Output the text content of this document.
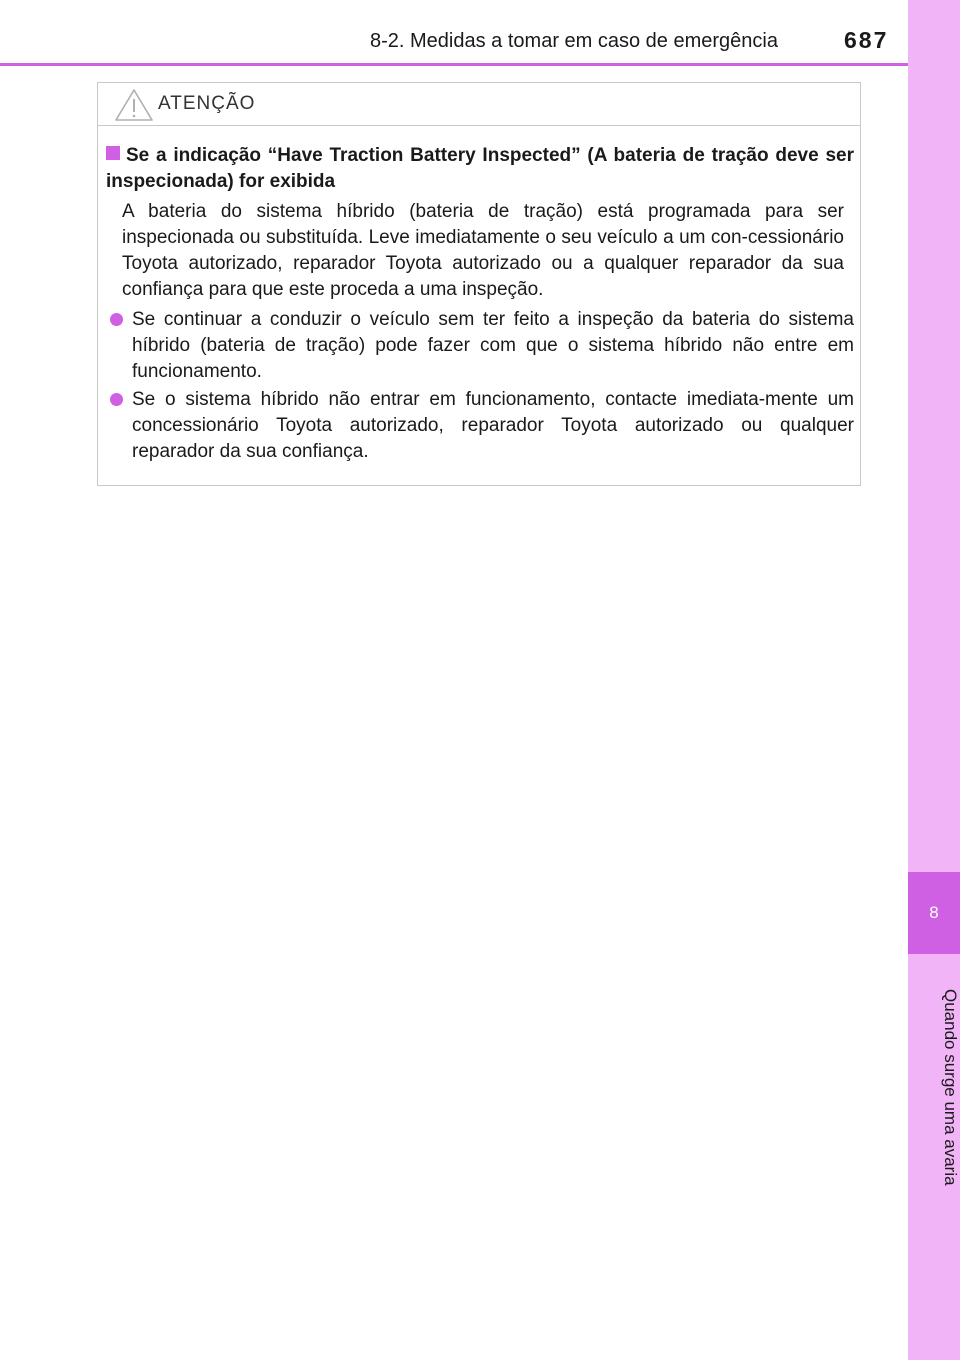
8
Quando surge uma avaria
8-2. Medidas a tomar em caso de emergência	687
ATENÇÃO
Se a indicação “Have Traction Battery Inspected” (A bateria de tração deve ser inspecionada) for exibida
A bateria do sistema híbrido (bateria de tração) está programada para ser inspecionada ou substituída. Leve imediatamente o seu veículo a um con-cessionário Toyota autorizado, reparador Toyota autorizado ou a qualquer reparador da sua confiança para que este proceda a uma inspeção.
Se continuar a conduzir o veículo sem ter feito a inspeção da bateria do sistema híbrido (bateria de tração) pode fazer com que o sistema híbrido não entre em funcionamento.
Se o sistema híbrido não entrar em funcionamento, contacte imediata-mente um concessionário Toyota autorizado, reparador Toyota autorizado ou qualquer reparador da sua confiança.
